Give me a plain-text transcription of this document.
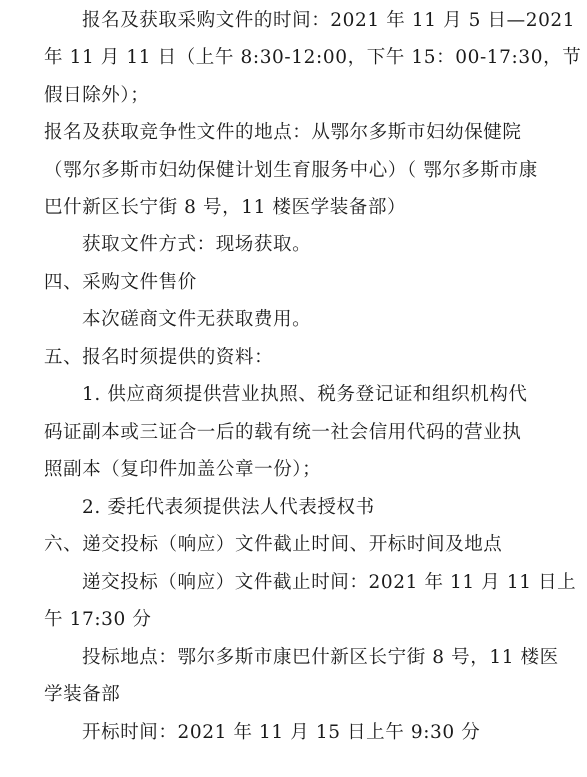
报名及获取采购文件的时间：2021 年 11 月 5 日—2021
年 11 月 11 日（上午 8:30-12:00，下午 15：00-17:30，节
假日除外）；
报名及获取竞争性文件的地点：从鄂尔多斯市妇幼保健院
（鄂尔多斯市妇幼保健计划生育服务中心）（ 鄂尔多斯市康
巴什新区长宁街 8 号，11 楼医学装备部）
获取文件方式：现场获取。
四、采购文件售价
本次磋商文件无获取费用。
五、报名时须提供的资料：
1. 供应商须提供营业执照、税务登记证和组织机构代
码证副本或三证合一后的载有统一社会信用代码的营业执
照副本（复印件加盖公章一份）；
2. 委托代表须提供法人代表授权书
六、递交投标（响应）文件截止时间、开标时间及地点
递交投标（响应）文件截止时间：2021 年 11 月 11 日上
午 17:30 分
投标地点：鄂尔多斯市康巴什新区长宁街 8 号，11 楼医
学装备部
开标时间：2021 年 11 月 15 日上午 9:30 分
